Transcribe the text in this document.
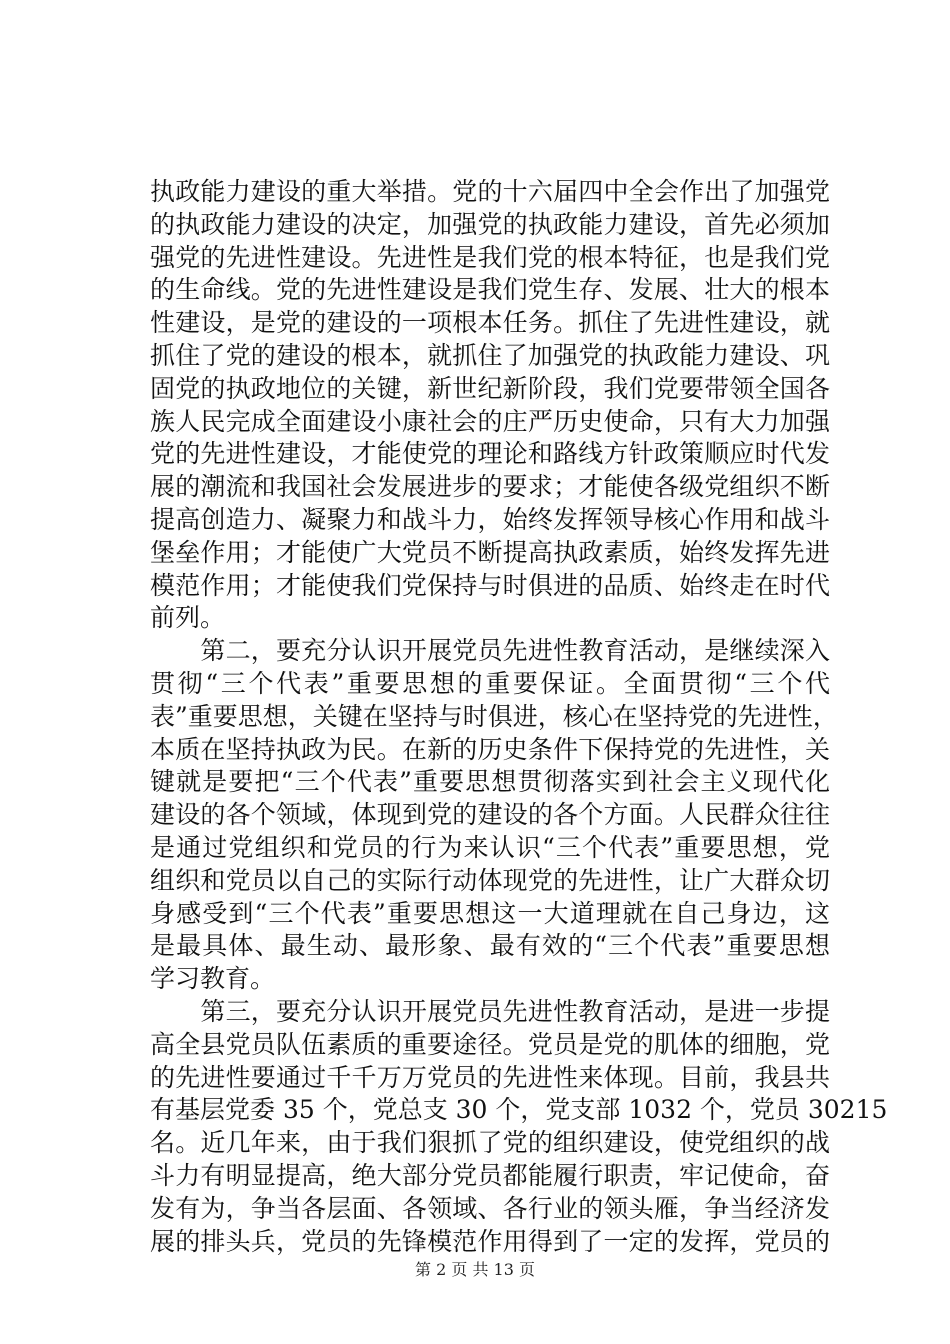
执政能力建设的重大举措。党的十六届四中全会作出了加强党
的执政能力建设的决定，加强党的执政能力建设，首先必须加
强党的先进性建设。先进性是我们党的根本特征，也是我们党
的生命线。党的先进性建设是我们党生存、发展、壮大的根本
性建设，是党的建设的一项根本任务。抓住了先进性建设，就
抓住了党的建设的根本，就抓住了加强党的执政能力建设、巩
固党的执政地位的关键，新世纪新阶段，我们党要带领全国各
族人民完成全面建设小康社会的庄严历史使命，只有大力加强
党的先进性建设，才能使党的理论和路线方针政策顺应时代发
展的潮流和我国社会发展进步的要求；才能使各级党组织不断
提高创造力、凝聚力和战斗力，始终发挥领导核心作用和战斗
堡垒作用；才能使广大党员不断提高执政素质，始终发挥先进
模范作用；才能使我们党保持与时俱进的品质、始终走在时代
前列。
　　第二，要充分认识开展党员先进性教育活动，是继续深入
贯彻“三个代表”重要思想的重要保证。全面贯彻“三个代
表”重要思想，关键在坚持与时俱进，核心在坚持党的先进性，
本质在坚持执政为民。在新的历史条件下保持党的先进性，关
键就是要把“三个代表”重要思想贯彻落实到社会主义现代化
建设的各个领域，体现到党的建设的各个方面。人民群众往往
是通过党组织和党员的行为来认识“三个代表”重要思想，党
组织和党员以自己的实际行动体现党的先进性，让广大群众切
身感受到“三个代表”重要思想这一大道理就在自己身边，这
是最具体、最生动、最形象、最有效的“三个代表”重要思想
学习教育。
　　第三，要充分认识开展党员先进性教育活动，是进一步提
高全县党员队伍素质的重要途径。党员是党的肌体的细胞，党
的先进性要通过千千万万党员的先进性来体现。目前，我县共
有基层党委 35 个，党总支 30 个，党支部 1032 个，党员 30215
名。近几年来，由于我们狠抓了党的组织建设，使党组织的战
斗力有明显提高，绝大部分党员都能履行职责，牢记使命，奋
发有为，争当各层面、各领域、各行业的领头雁，争当经济发
展的排头兵，党员的先锋模范作用得到了一定的发挥，党员的
第 2 页 共 13 页
